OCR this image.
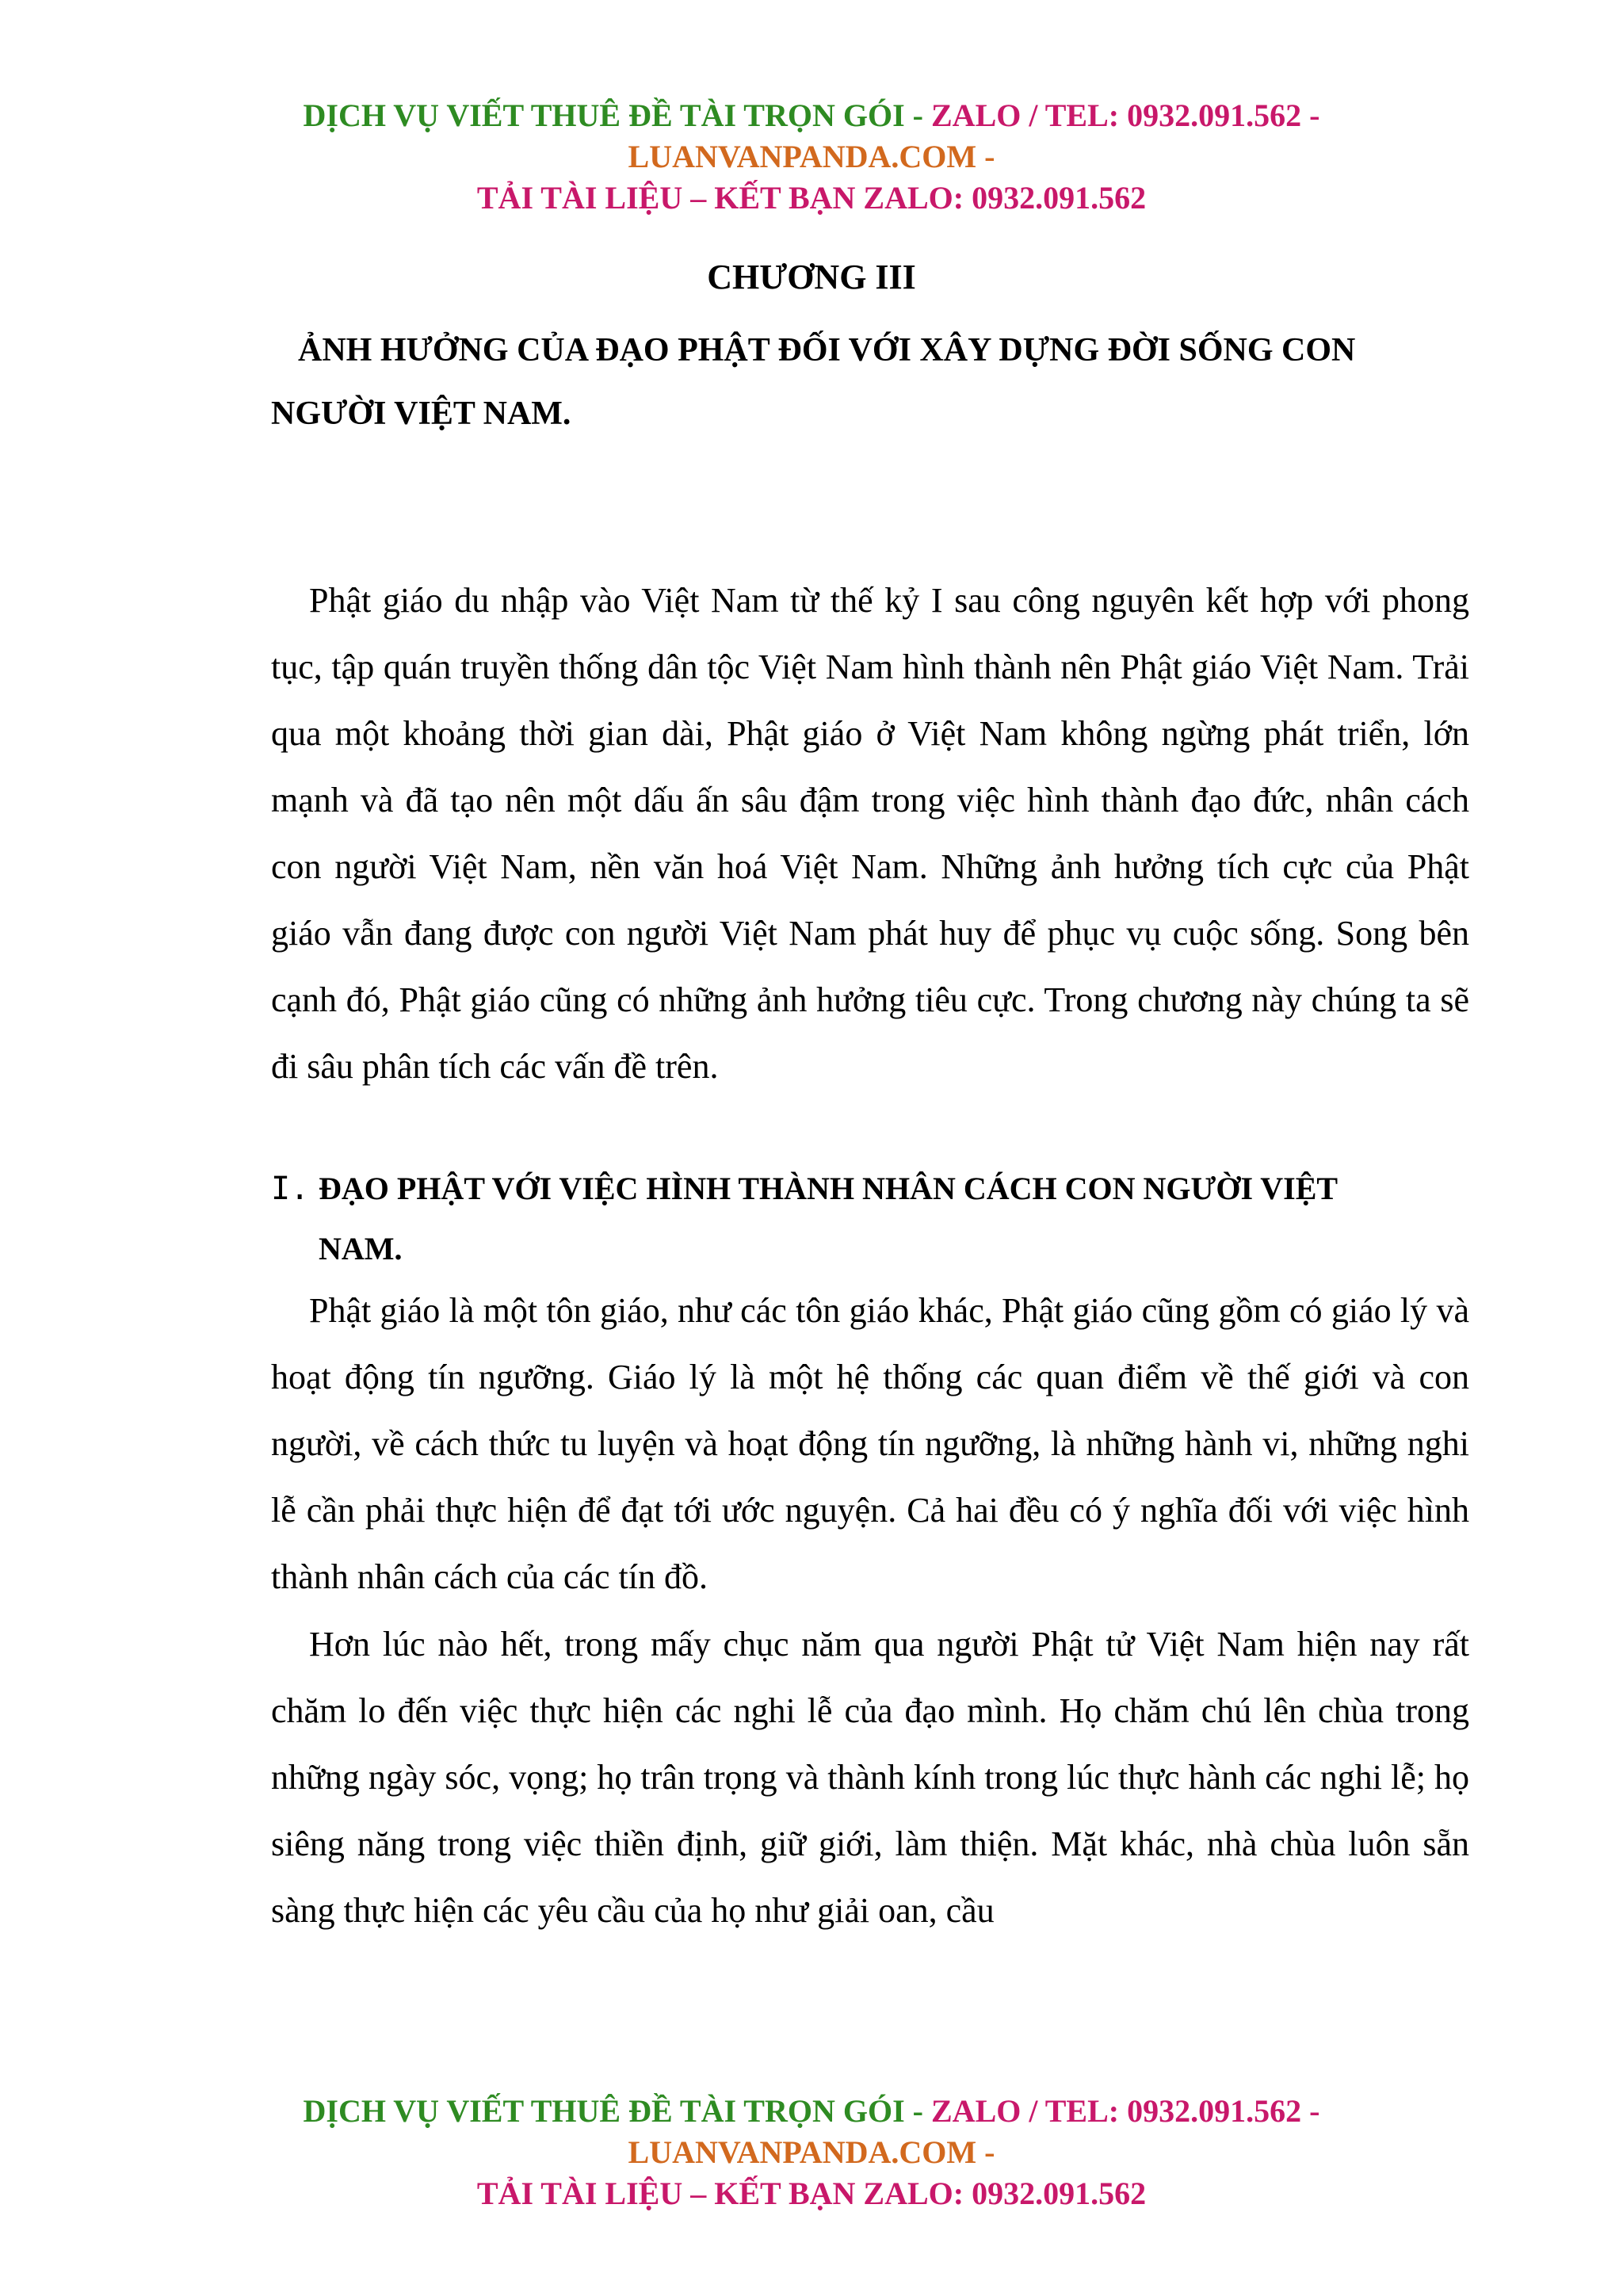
DỊCH VỤ VIẾT THUÊ ĐỀ TÀI TRỌN GÓI - ZALO / TEL: 0932.091.562 -
LUANVANPANDA.COM -
TẢI TÀI LIỆU – KẾT BẠN ZALO: 0932.091.562
CHƯƠNG III
ẢNH HƯỞNG CỦA ĐẠO PHẬT ĐỐI VỚI XÂY DỰNG ĐỜI SỐNG CON
NGƯỜI VIỆT NAM.

Phật giáo du nhập vào Việt Nam từ thế kỷ I sau công nguyên kết hợp với phong tục, tập quán truyền thống dân tộc Việt Nam hình thành nên Phật giáo Việt Nam. Trải qua một khoảng thời gian dài, Phật giáo ở Việt Nam không ngừng phát triển, lớn mạnh và đã tạo nên một dấu ấn sâu đậm trong việc hình thành đạo đức, nhân cách con người Việt Nam, nền văn hoá Việt Nam. Những ảnh hưởng tích cực của Phật giáo vẫn đang được con người Việt Nam phát huy để phục vụ cuộc sống. Song bên cạnh đó, Phật giáo cũng có những ảnh hưởng tiêu cực. Trong chương này chúng ta sẽ đi sâu phân tích các vấn đề trên.

I. ĐẠO PHẬT VỚI VIỆC HÌNH THÀNH NHÂN CÁCH CON NGƯỜI VIỆT
NAM.

Phật giáo là một tôn giáo, như các tôn giáo khác, Phật giáo cũng gồm có giáo lý và hoạt động tín ngưỡng. Giáo lý là một hệ thống các quan điểm về thế giới và con người, về cách thức tu luyện và hoạt động tín ngưỡng, là những hành vi, những nghi lễ cần phải thực hiện để đạt tới ước nguyện. Cả hai đều có ý nghĩa đối với việc hình thành nhân cách của các tín đồ.

Hơn lúc nào hết, trong mấy chục năm qua người Phật tử Việt Nam hiện nay rất chăm lo đến việc thực hiện các nghi lễ của đạo mình. Họ chăm chú lên chùa trong những ngày sóc, vọng; họ trân trọng và thành kính trong lúc thực hành các nghi lễ; họ siêng năng trong việc thiền định, giữ giới, làm thiện. Mặt khác, nhà chùa luôn sẵn sàng thực hiện các yêu cầu của họ như giải oan, cầu

DỊCH VỤ VIẾT THUÊ ĐỀ TÀI TRỌN GÓI - ZALO / TEL: 0932.091.562 -
LUANVANPANDA.COM -
TẢI TÀI LIỆU – KẾT BẠN ZALO: 0932.091.562
